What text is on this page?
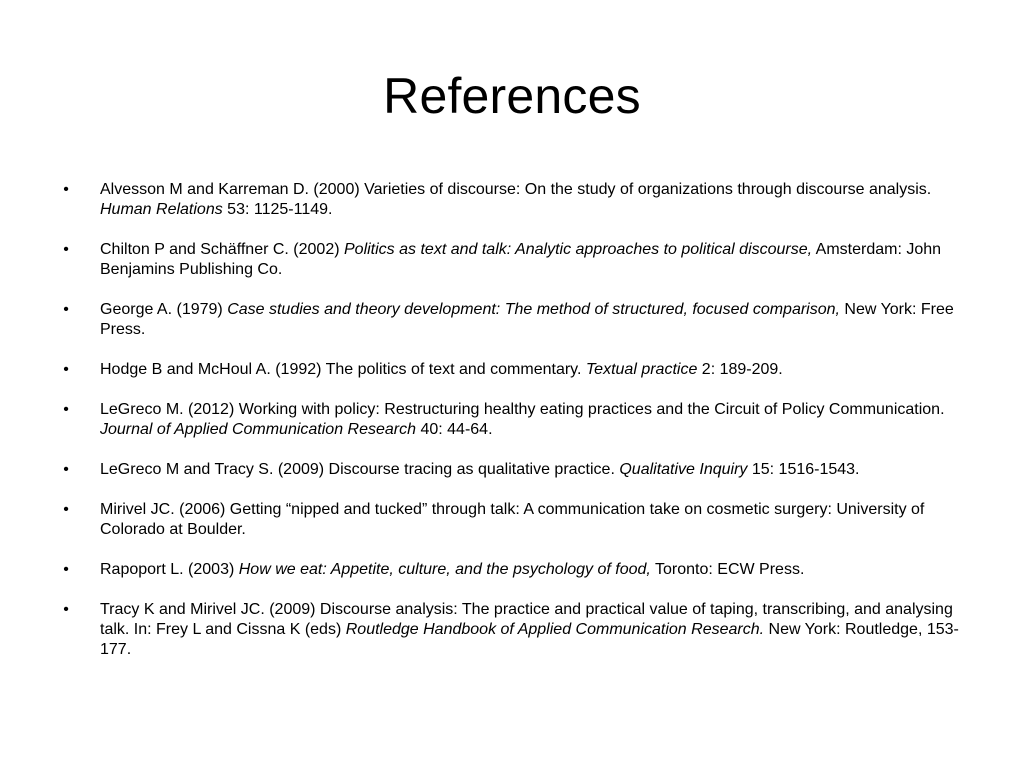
References
•	Alvesson M and Karreman D. (2000) Varieties of discourse: On the study of organizations through discourse analysis. Human Relations 53: 1125-1149.
•	Chilton P and Schäffner C. (2002) Politics as text and talk: Analytic approaches to political discourse, Amsterdam: John Benjamins Publishing Co.
•	George A. (1979) Case studies and theory development: The method of structured, focused comparison, New York: Free Press.
•	Hodge B and McHoul A. (1992) The politics of text and commentary. Textual practice 2: 189-209.
•	LeGreco M. (2012) Working with policy: Restructuring healthy eating practices and the Circuit of Policy Communication. Journal of Applied Communication Research 40: 44-64.
•	LeGreco M and Tracy S. (2009) Discourse tracing as qualitative practice. Qualitative Inquiry 15: 1516-1543.
•	Mirivel JC. (2006) Getting “nipped and tucked” through talk: A communication take on cosmetic surgery: University of Colorado at Boulder.
•	Rapoport L. (2003) How we eat: Appetite, culture, and the psychology of food, Toronto: ECW Press.
•	Tracy K and Mirivel JC. (2009) Discourse analysis: The practice and practical value of taping, transcribing, and analysing talk. In: Frey L and Cissna K (eds) Routledge Handbook of Applied Communication Research. New York: Routledge, 153-177.
